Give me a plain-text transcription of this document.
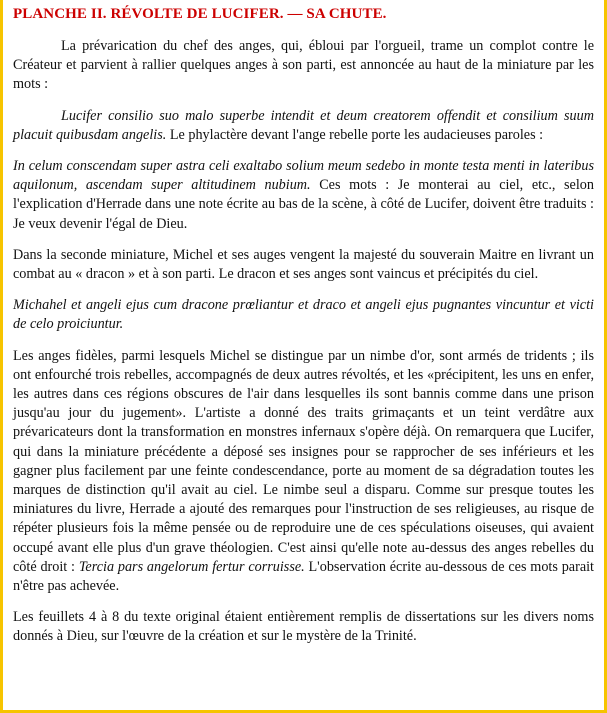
PLANCHE II. RÉVOLTE DE LUCIFER. — SA CHUTE.

La prévarication du chef des anges, qui, ébloui par l'orgueil, trame un complot contre le Créateur et parvient à rallier quelques anges à son parti, est annoncée au haut de la miniature par les mots :

Lucifer consilio suo malo superbe intendit et deum creatorem offendit et consilium suum placuit quibusdam angelis. Le phylactère devant l'ange rebelle porte les audacieuses paroles :

In celum conscendam super astra celi exaltabo solium meum sedebo in monte testa menti in lateribus aquilonum, ascendam super altitudinem nubium. Ces mots : Je monterai au ciel, etc., selon l'explication d'Herrade dans une note écrite au bas de la scène, à côté de Lucifer, doivent être traduits : Je veux devenir l'égal de Dieu.

Dans la seconde miniature, Michel et ses auges vengent la majesté du souverain Maitre en livrant un combat au « dracon » et à son parti. Le dracon et ses anges sont vaincus et précipités du ciel.

Michahel et angeli ejus cum dracone prœliantur et draco et angeli ejus pugnantes vincuntur et victi de celo proiciuntur.

Les anges fidèles, parmi lesquels Michel se distingue par un nimbe d'or, sont armés de tridents ; ils ont enfourché trois rebelles, accompagnés de deux autres révoltés, et les «précipitent, les uns en enfer, les autres dans ces régions obscures de l'air dans lesquelles ils sont bannis comme dans une prison jusqu'au jour du jugement». L'artiste a donné des traits grimaçants et un teint verdâtre aux prévaricateurs dont la transformation en monstres infernaux s'opère déjà. On remarquera que Lucifer, qui dans la miniature précédente a déposé ses insignes pour se rapprocher de ses inférieurs et les gagner plus facilement par une feinte condescendance, porte au moment de sa dégradation toutes les marques de distinction qu'il avait au ciel. Le nimbe seul a disparu. Comme sur presque toutes les miniatures du livre, Herrade a ajouté des remarques pour l'instruction de ses religieuses, au risque de répéter plusieurs fois la même pensée ou de reproduire une de ces spéculations oiseuses, qui avaient occupé avant elle plus d'un grave théologien. C'est ainsi qu'elle note au-dessus des anges rebelles du côté droit : Tercia pars angelorum fertur corruisse. L'observation écrite au-dessous de ces mots parait n'être pas achevée.

Les feuillets 4 à 8 du texte original étaient entièrement remplis de dissertations sur les divers noms donnés à Dieu, sur l'œuvre de la création et sur le mystère de la Trinité.
